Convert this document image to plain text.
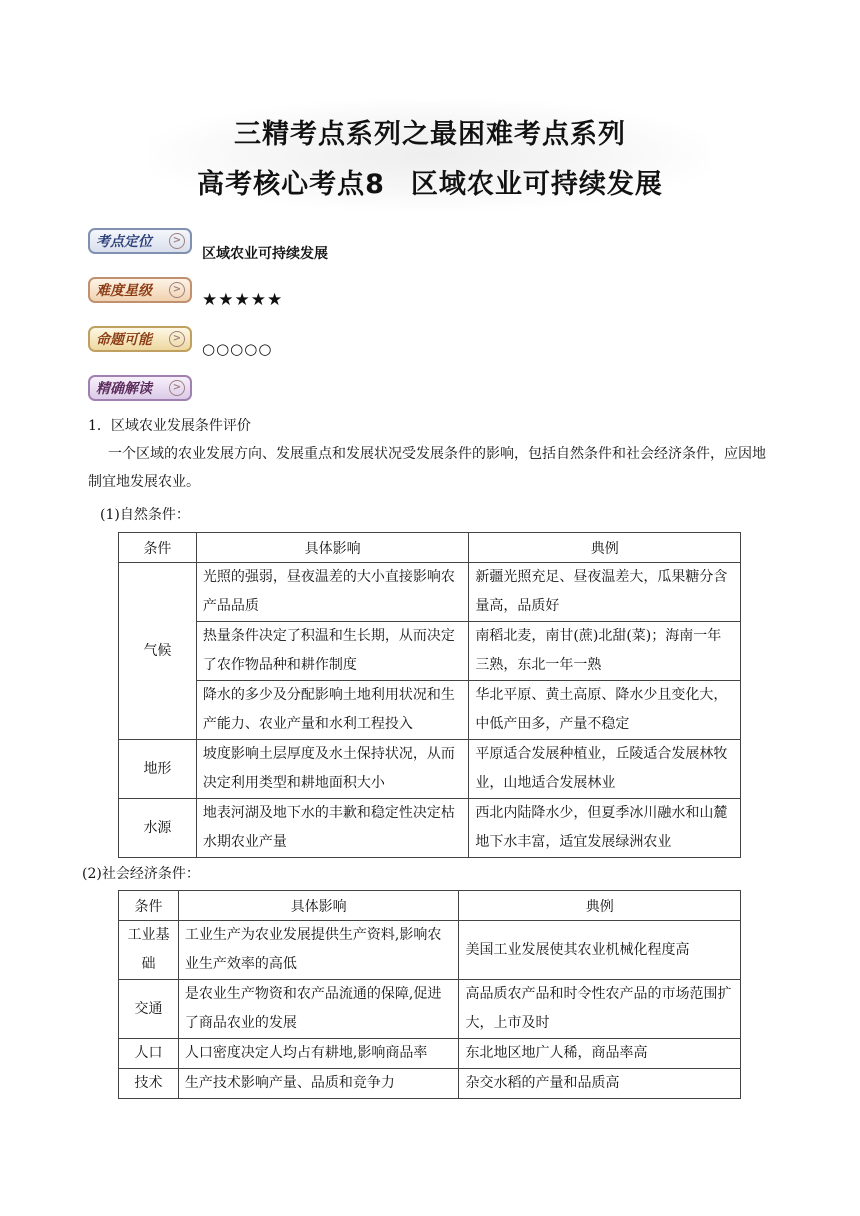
三精考点系列之最困难考点系列
高考核心考点8 区域农业可持续发展
考点定位	>
区域农业可持续发展
难度星级	>
★★★★★
命题可能	>
○○○○○
精确解读	>
1．区域农业发展条件评价
一个区域的农业发展方向、发展重点和发展状况受发展条件的影响，包括自然条件和社会经济条件，应因地制宜地发展农业。
(1)自然条件：
条件	具体影响	典例
气候	光照的强弱，昼夜温差的大小直接影响农产品品质	新疆光照充足、昼夜温差大，瓜果糖分含量高，品质好
	热量条件决定了积温和生长期，从而决定了农作物品种和耕作制度	南稻北麦，南甘(蔗)北甜(菜)；海南一年三熟，东北一年一熟
	降水的多少及分配影响土地利用状况和生产能力、农业产量和水利工程投入	华北平原、黄土高原、降水少且变化大，中低产田多，产量不稳定
地形	坡度影响土层厚度及水土保持状况，从而决定利用类型和耕地面积大小	平原适合发展种植业，丘陵适合发展林牧业，山地适合发展林业
水源	地表河湖及地下水的丰歉和稳定性决定枯水期农业产量	西北内陆降水少，但夏季冰川融水和山麓地下水丰富，适宜发展绿洲农业
(2)社会经济条件：
条件	具体影响	典例
工业基础	工业生产为农业发展提供生产资料,影响农业生产效率的高低	美国工业发展使其农业机械化程度高
交通	是农业生产物资和农产品流通的保障,促进了商品农业的发展	高品质农产品和时令性农产品的市场范围扩大，上市及时
人口	人口密度决定人均占有耕地,影响商品率	东北地区地广人稀，商品率高
技术	生产技术影响产量、品质和竞争力	杂交水稻的产量和品质高
